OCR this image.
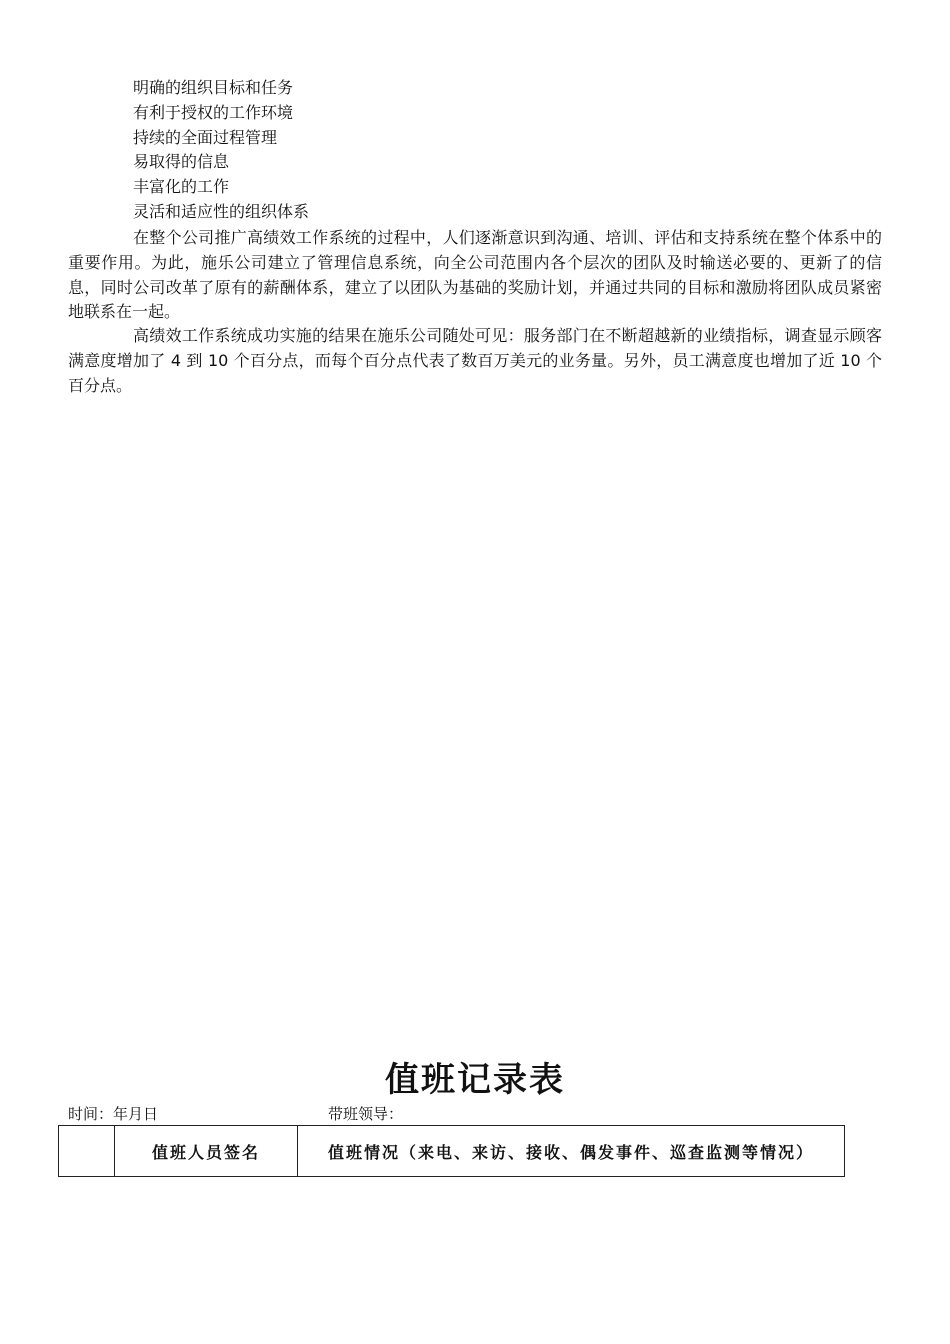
明确的组织目标和任务
有利于授权的工作环境
持续的全面过程管理
易取得的信息
丰富化的工作
灵活和适应性的组织体系

在整个公司推广高绩效工作系统的过程中，人们逐渐意识到沟通、培训、评估和支持系统在整个体系中的重要作用。为此，施乐公司建立了管理信息系统，向全公司范围内各个层次的团队及时输送必要的、更新了的信息，同时公司改革了原有的薪酬体系，建立了以团队为基础的奖励计划，并通过共同的目标和激励将团队成员紧密地联系在一起。

高绩效工作系统成功实施的结果在施乐公司随处可见：服务部门在不断超越新的业绩指标，调查显示顾客满意度增加了 4 到 10 个百分点，而每个百分点代表了数百万美元的业务量。另外，员工满意度也增加了近 10 个百分点。

值班记录表
时间：年月日	带班领导：
	值班人员签名	值班情况（来电、来访、接收、偶发事件、巡查监测等情况）
